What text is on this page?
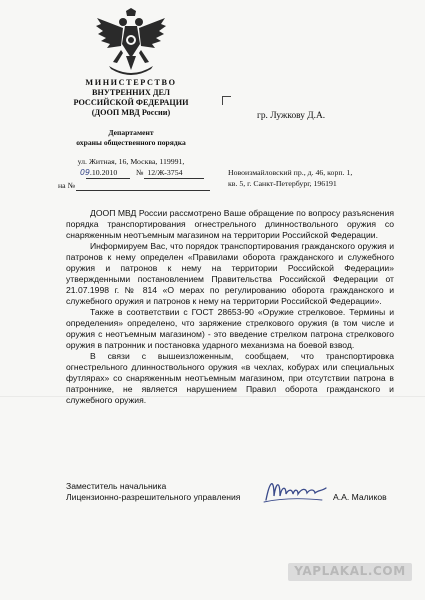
МИНИСТЕРСТВО
ВНУТРЕННИХ ДЕЛ
РОССИЙСКОЙ ФЕДЕРАЦИИ
(ДООП МВД России)
Департамент
охраны общественного порядка
ул. Житная, 16, Москва, 119991,
09.10.2010 № 12/Ж-3754
на №
гр. Лужкову Д.А.
Новоизмайловский пр., д. 46, корп. 1,
кв. 5, г. Санкт-Петербург, 196191

ДООП МВД России рассмотрено Ваше обращение по вопросу разъяснения порядка транспортирования огнестрельного длинноствольного оружия со снаряженным неотъемным магазином на территории Российской Федерации.

Информируем Вас, что порядок транспортирования гражданского оружия и патронов к нему определен «Правилами оборота гражданского и служебного оружия и патронов к нему на территории Российской Федерации» утвержденными постановлением Правительства Российской Федерации от 21.07.1998 г. № 814 «О мерах по регулированию оборота гражданского и служебного оружия и патронов к нему на территории Российской Федерации».

Также в соответствии с ГОСТ 28653-90 «Оружие стрелковое. Термины и определения» определено, что заряжение стрелкового оружия (в том числе и оружия с неотъемным магазином) - это введение стрелком патрона стрелкового оружия в патронник и постановка ударного механизма на боевой взвод.

В связи с вышеизложенным, сообщаем, что транспортировка огнестрельного длинноствольного оружия «в чехлах, кобурах или специальных футлярах» со снаряженным неотъемным магазином, при отсутствии патрона в патроннике, не является нарушением Правил оборота гражданского и служебного оружия.

Заместитель начальника
Лицензионно-разрешительного управления	А.А. Маликов
YAPLAKAL.COM
